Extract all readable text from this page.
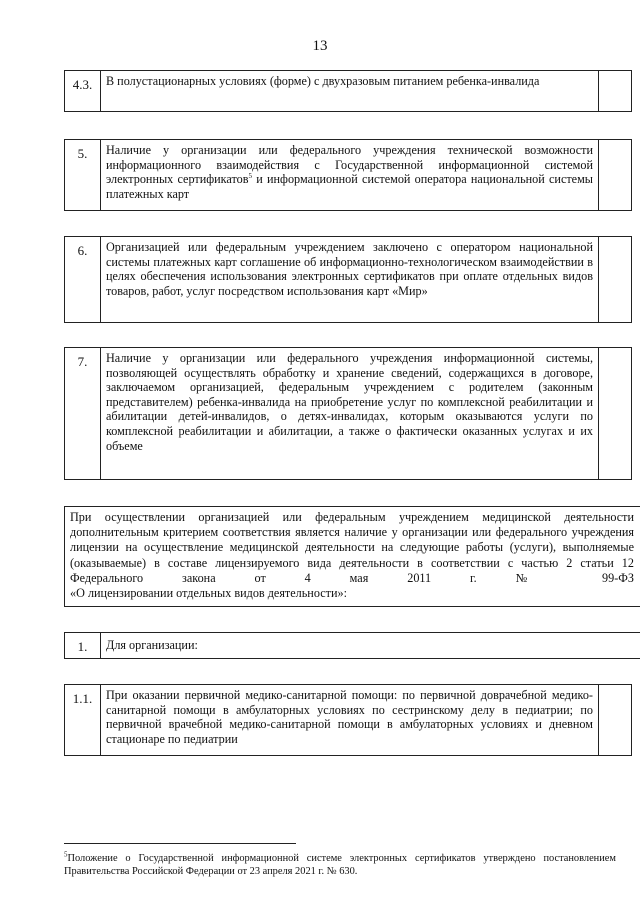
13
4.3.	В полустационарных условиях (форме) с двухразовым питанием ребенка-инвалида
5.	Наличие у организации или федерального учреждения технической возможности информационного взаимодействия с Государственной информационной системой электронных сертификатов$^5$ и информационной системой оператора национальной системы платежных карт
6.	Организацией или федеральным учреждением заключено с оператором национальной системы платежных карт соглашение об информационно-технологическом взаимодействии в целях обеспечения использования электронных сертификатов при оплате отдельных видов товаров, работ, услуг посредством использования карт «Мир»
7.	Наличие у организации или федерального учреждения информационной системы, позволяющей осуществлять обработку и хранение сведений, содержащихся в договоре, заключаемом организацией, федеральным учреждением с родителем (законным представителем) ребенка-инвалида на приобретение услуг по комплексной реабилитации и абилитации детей-инвалидов, о детях-инвалидах, которым оказываются услуги по комплексной реабилитации и абилитации, а также о фактически оказанных услугах и их объеме
При осуществлении организацией или федеральным учреждением медицинской деятельности дополнительным критерием соответствия является наличие у организации или федерального учреждения лицензии на осуществление медицинской деятельности на следующие работы (услуги), выполняемые (оказываемые) в составе лицензируемого вида деятельности в соответствии с частью 2 статьи 12 Федерального закона от 4 мая 2011 г. № 99-ФЗ
«О лицензировании отдельных видов деятельности»:
1.	Для организации:
1.1.	При оказании первичной медико-санитарной помощи: по первичной доврачебной медико-санитарной помощи в амбулаторных условиях по сестринскому делу в педиатрии; по первичной врачебной медико-санитарной помощи в амбулаторных условиях и дневном стационаре по педиатрии
$^5$Положение о Государственной информационной системе электронных сертификатов утверждено постановлением Правительства Российской Федерации от 23 апреля 2021 г. № 630.
